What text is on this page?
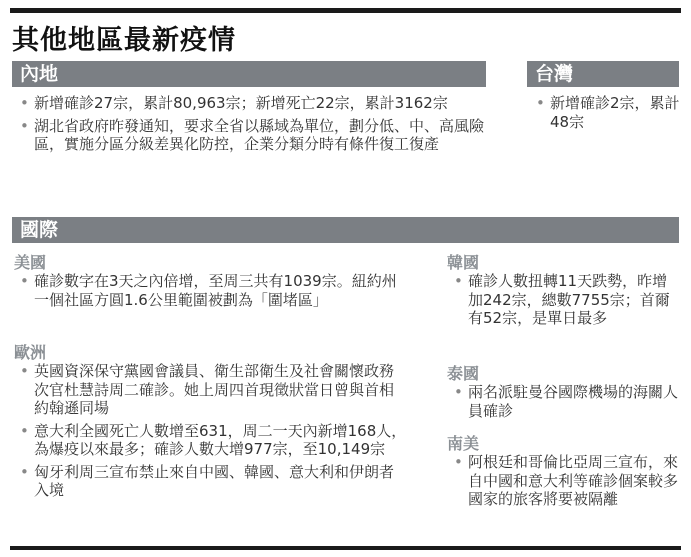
其他地區最新疫情
內地
• 新增確診27宗，累計80,963宗；新增死亡22宗，累計3162宗
• 湖北省政府昨發通知，要求全省以縣域為單位，劃分低、中、高風險區，實施分區分級差異化防控，企業分類分時有條件復工復產
台灣
• 新增確診2宗，累計48宗
國際
美國
• 確診數字在3天之內倍增，至周三共有1039宗。紐約州一個社區方圓1.6公里範圍被劃為「圍堵區」
歐洲
• 英國資深保守黨國會議員、衛生部衛生及社會關懷政務次官杜慧詩周二確診。她上周四首現徵狀當日曾與首相約翰遜同場
• 意大利全國死亡人數增至631，周二一天內新增168人，為爆疫以來最多；確診人數大增977宗，至10,149宗
• 匈牙利周三宣布禁止來自中國、韓國、意大利和伊朗者入境
韓國
• 確診人數扭轉11天跌勢，昨增加242宗，總數7755宗；首爾有52宗，是單日最多
泰國
• 兩名派駐曼谷國際機場的海關人員確診
南美
• 阿根廷和哥倫比亞周三宣布，來自中國和意大利等確診個案較多國家的旅客將要被隔離
